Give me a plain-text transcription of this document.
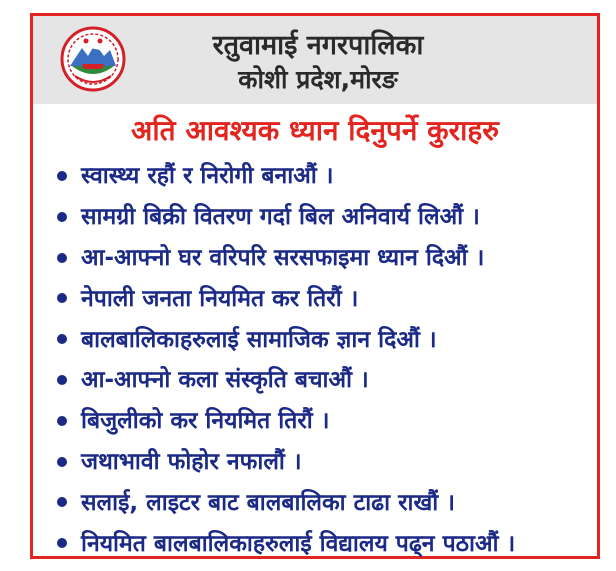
रतुवामाई नगरपालिका
कोशी प्रदेश,मोरङ
अति आवश्यक ध्यान दिनुपर्ने कुराहरु
स्वास्थ्य रहौं र निरोगी बनाऔं ।
सामग्री बिक्री वितरण गर्दा बिल अनिवार्य लिऔं ।
आ-आफ्नो घर वरिपरि सरसफाइमा ध्यान दिऔं ।
नेपाली जनता नियमित कर तिरौं ।
बालबालिकाहरुलाई सामाजिक ज्ञान दिऔं ।
आ-आफ्नो कला संस्कृति बचाऔं ।
बिजुलीको कर नियमित तिरौं ।
जथाभावी फोहोर नफालौं ।
सलाई, लाइटर बाट बालबालिका टाढा राखौं ।
नियमित बालबालिकाहरुलाई विद्यालय पढ्न पठाऔं ।
